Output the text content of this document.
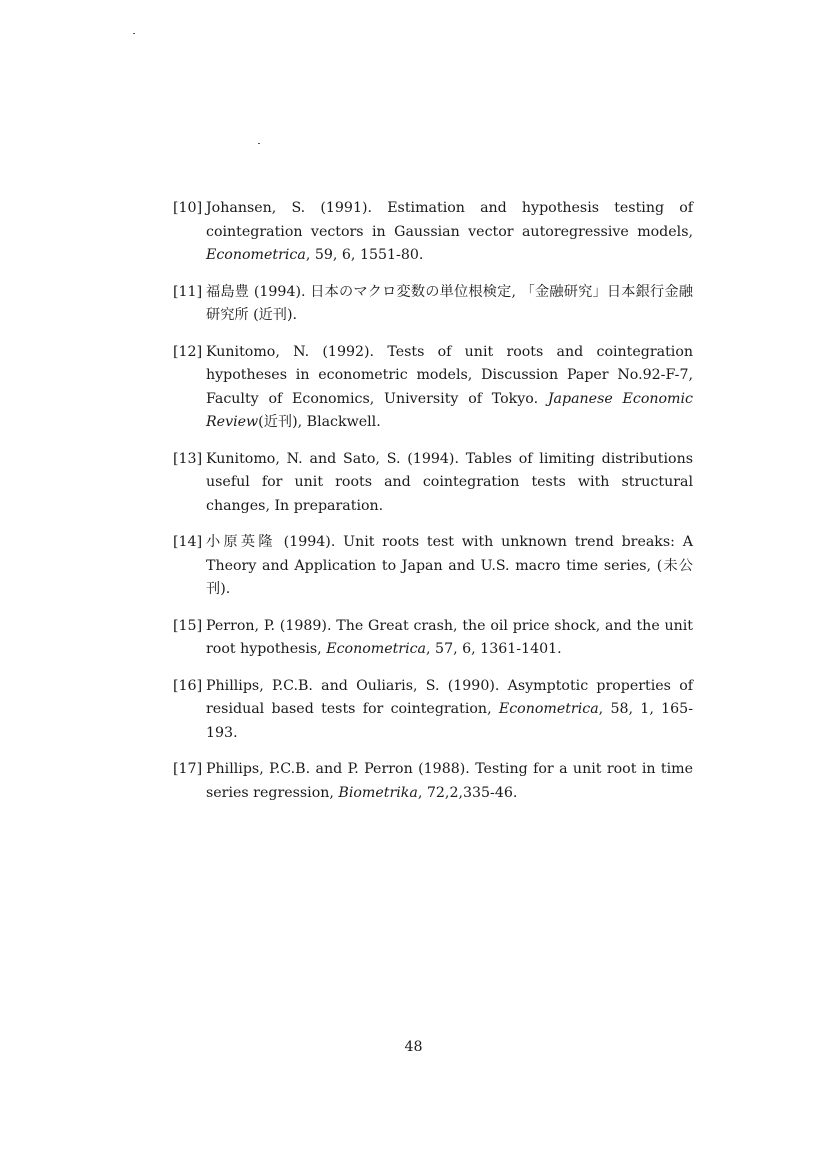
[10] Johansen, S. (1991). Estimation and hypothesis testing of cointegration vectors in Gaussian vector autoregressive models, Econometrica, 59, 6, 1551-80.
[11] 福島豊 (1994). 日本のマクロ変数の単位根検定, 「金融研究」日本銀行金融研究所 (近刊).
[12] Kunitomo, N. (1992). Tests of unit roots and cointegration hypotheses in econometric models, Discussion Paper No.92-F-7, Faculty of Economics, University of Tokyo. Japanese Economic Review(近刊), Blackwell.
[13] Kunitomo, N. and Sato, S. (1994). Tables of limiting distributions useful for unit roots and cointegration tests with structural changes, In preparation.
[14] 小原英隆 (1994). Unit roots test with unknown trend breaks: A Theory and Application to Japan and U.S. macro time series, (未公刊).
[15] Perron, P. (1989). The Great crash, the oil price shock, and the unit root hypothesis, Econometrica, 57, 6, 1361-1401.
[16] Phillips, P.C.B. and Ouliaris, S. (1990). Asymptotic properties of residual based tests for cointegration, Econometrica, 58, 1, 165-193.
[17] Phillips, P.C.B. and P. Perron (1988). Testing for a unit root in time series regression, Biometrika, 72,2,335-46.
48
